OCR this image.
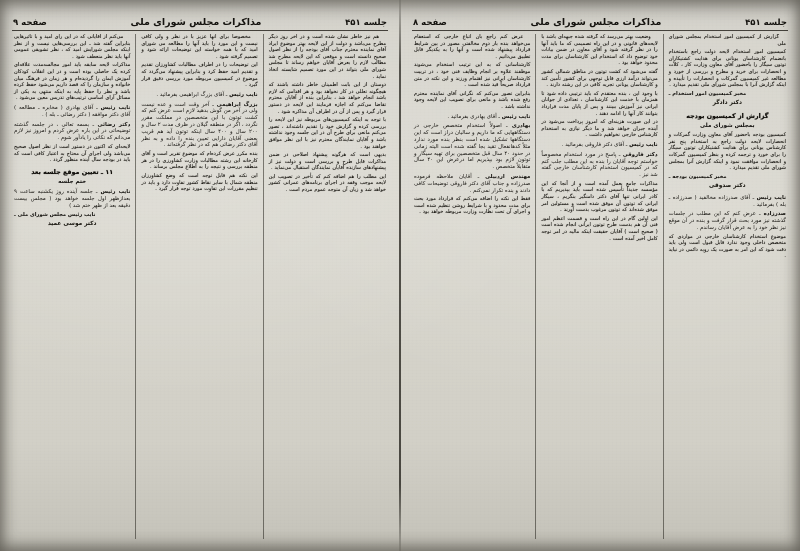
جلسه ۴۵۱
مذاکرات مجلس شورای ملی
صفحه ۹

هم نیز خاطر نشان شده است و در آخر روز دیگر مطرح می‌باشد و دولت از این لایحه بهتر موضوع ایراد آقای نماینده محترم جناب آقای بودجه را از نظر اصول صحیح دانسته است و موقعی که این لایحه مطرح شد مطالب لازم را بعرض آقایان خواهم رساند تا مجلس شورای ملی بتواند در این مورد تصمیم شایسته اتخاذ نماید .

دوستان از این بابت اطمینان خاطر داشته باشند که هیچگونه تعللی در کار نخواهد بود و هر اقدامی که لازم باشد انجام خواهد شد ، بنابراین بنده از آقایان محترم تقاضا می‌کنم که اجازه فرمایند این لایحه در دستور قرار گیرد و پس از آن در اطراف آن مذاکره شود .

با توجه به اینکه کمیسیون‌های مربوطه نیز این لایحه را بررسی کرده و گزارش خود را تقدیم داشته‌اند ، تصور می‌کنم مانعی برای طرح آن در این جلسه وجود نداشته باشد و آقایان نمایندگان محترم نیز با این نظر موافق خواهند بود .

بدیهی است که هرگونه پیشنهاد اصلاحی در ضمن مذاکرات قابل طرح و بررسی است و دولت نیز از پیشنهادهای سازنده آقایان نمایندگان استقبال می‌نماید .

این مطلب را هم اضافه کنم که تأخیر در تصویب این لایحه موجب وقفه در اجرای برنامه‌های عمرانی کشور خواهد شد و زیان آن متوجه عموم مردم است .

مخصوصاً برای آنها عزیز با در نظر و ولی کافی نیست و این مورد را باید آنها را مطالعه می شورای امید که با همه خواسته این توضیحات ارائه شود و تصمیم گرفته شود .

این توضیحات را در اطراف مطالبات کشاورزان تقدیم و تقدیم امید حفظ کرد و بنابراین پیشنهاد می‌گردد که موضوع در کمیسیون مربوطه مورد بررسی دقیق قرار گیرد .

نایب رئیس ـ آقای بزرگ ابراهیمی بفرمائید .

بزرگ ابراهیمی ـ آخر وقت است و عده نیست ولی در آخر من گوش بدهید لازم است عرض کنم که کشت توتون با این متخصصین در مملکت مقرر نگردد ، اگر در منطقه گیلان در ظرف مدت ۲ سال و ۲۰۰ سال و ۴۰۰ سال اینکه توتون آید هم قریب بعضی آقایان دارایی تعیین بنده را داده و به نظر آقای دکتر رضائی هم که در نظر گرفته‌اند .

بنده مکرر عرض کرده‌ام که موضوع تقریر است و آقای کارخانه این رشته مطالبات وزارت کشاورزی را در هر منطقه بررسی و نتیجه را به اطلاع مجلس برساند .

این نکته هم قابل توجه است که وضع کشاورزان منطقه شمال با سایر نقاط کشور تفاوت دارد و باید در تنظیم مقررات این تفاوت مورد توجه قرار گیرد .

می‌کنم از آقایانی که در این رأی امید و با تأثیرهایی بنابراین گفته شد ـ این بررسی‌هایی نیست و از نظر اینکه مجلس شورایش امید که ، نظر تشویقی عمومی آنها باید نظر منعطف شود .

مذاکرات لایحه سابقه باید امور مجالسه‌مدت علاقه‌ای کرده یک حاصلی بوده است و در این انقلاب کودکان آموزش ایمان را گردیده‌ام و هر زمان در فرهنگ میان خانواده و سازمان را که قصد داریم می‌شود حفظ کرده باشد و نظر را حفظ پایه به اینکه منتهی به یکی از مسائل آرای اساسی ترتیب‌های تدریس معین می‌شود .

نایب رئیس ـ آقای بهادری ( مخابره ـ مطالعه ) آقای دکتر موافقه ( دکتر رضائی ـ بله ) .

دکتر رضائی ـ بسمه تعالی ، در جلسه گذشته توضیحاتی در این باره عرض کردم و امروز نیز لازم می‌دانم که نکاتی را یادآور شوم .

لایحه‌ای که اکنون در دستور است از نظر اصول صحیح می‌باشد ولی اجرای آن محتاج به اعتبار کافی است که باید در بودجه سال آینده منظور گردد .

۱۱ ـ تعیین موقع جلسه بعد
ختم جلسه

نایب رئیس ـ جلسه آینده روز یکشنبه ساعت ۹ بعدازظهر اول جلسه خواهد بود ( مجلس بیست دقیقه بعد از ظهر ختم شد )

نایب رئیس مجلس شورای ملی ـ
دکتر موسی عمید
جلسه ۴۵۱
مذاکرات مجلس شورای ملی
صفحه ۸

گزارش از کمیسیون امور استخدام بمجلس شورای ملی

کمیسیون امور استخدام لایحه دولت راجع باستخدام بانضمام کارشناسان یونانی برای هدایت کشتیکاران توتون سیگار را باحضور آقای معاون وزارت کار ، کلاًت و انحصارات برای خرید و مطرح و بررسی از خورد و مطالعه غیر کمیسیون گمرکات و انحصارات را تأییده و اینکه گزارش آنرا با بمجلس شورای ملی تقدیم میدارد .

مخبر کمیسیون امور استخدام ـ
دکتر دادگر
گزارش از کمیسیون بودجه
بمجلس شورای ملی

کمیسیون بودجه باحضور آقای معاون وزارت گمرکات و انحصارات لایحه دولت راجع به استخدام پنج نفر کارشناس یونانی برای هدایت کشتیکاران توتون سیگار را برای خورد و ترجمه کرده و بنظر کمیسیون گمرکات و انحصارات موافقت نمود و اینکه گزارش آنرا بمجلس شورای ملی تقدیم میدارد .

مخبر کمیسیون بودجه ـ
دکتر صدوقی

نایب رئیس ـ آقای صدرزاده مخالفید ( صدرزاده ـ بله ) بفرمائید .

صدرزاده ـ عرض کنم که این مطلب در جلسات گذشته نیز مورد بحث قرار گرفت و بنده در آن موقع نیز نظر خود را به عرض آقایان رساندم .

موضوع استخدام کارشناسان خارجی در مواردی که متخصص داخلی وجود ندارد قابل قبول است ولی باید دقت شود که این امر به صورت یک رویه دائمی در نیاید .

وضعیت بهتر می‌رسد که گرفته شده جبهه‌ای باشد با لایحه‌های قانونی و در این راه تصمیمی که ما باید آنها را در نظر گرفته شود و آقای معاون در ضمن بیانات خود توضیح داد که استخدام این کارشناسان برای مدت محدود خواهد بود .

گفته می‌شود که کشت توتون در مناطق شمالی کشور می‌تواند درآمد ارزی قابل توجهی برای کشور تأمین کند و کارشناسان یونانی تجربه کافی در این رشته دارند .

با وجود این ، بنده معتقدم که باید ترتیبی داده شود تا همزمان با خدمت این کارشناسان ، تعدادی از جوانان ایرانی نیز آموزش ببینند و پس از پایان مدت قرارداد بتوانند کار آنها را ادامه دهند .

در این صورت هزینه‌ای که امروز پرداخت می‌شود در آینده جبران خواهد شد و ما دیگر نیازی به استخدام کارشناس خارجی نخواهیم داشت .

نایب رئیس ـ آقای دکتر فاروقی بفرمائید .

دکتر فاروقی ـ پاسخ در مورد استخدام مخصوصاً خواستم توجه آقایان را بنده به این مطلب جلب کنم که در کمیسیون استخدام کارشناسان خارجی گفته شد نیز .

مذاکرات جامع بعمل آمده است و از آنجا که این مؤسسه جدیداً تأسیس شده است باید بپذیریم که با کادر ایرانی تنها آقای دکتر دامنگیر بنگریم ، سیگار ایرانی که توتون آن موفق شده است و مسئولین امر موفق شده‌اند که توتون مرغوب بدست آورند .

این اولین گام در این راه است و قسمت اعظم امور فنی آن هم بدست طرح توتون ایرانی انجام شده است ( صحیح است ) آقایان حقیقت اینکه مالیه در امر توجه کامل اخیر آمده است .

عرض کنم راجع بان اتباع خارجی که استعفام می‌خواهد بنده بار دوم مخالفتی مصور در بین شرایط قرارداد پیشنهاد شده است و آنها را به یکدیگر قابل تطبیق می‌دانیم .

کارشناسانی که به این ترتیب استخدام می‌شوند موظفند علاوه بر انجام وظایف فنی خود ، در تربیت کارشناسان ایرانی نیز اهتمام ورزند و این نکته در متن قرارداد صریحاً قید شده است .

بنابراین تصور می‌کنم که نگرانی آقای نماینده محترم رفع شده باشد و مانعی برای تصویب این لایحه وجود نداشته باشد .

نایب رئیس ـ آقای بهادری بفرمائید .

بهادری ـ اصولاً استخدام متخصص خارجی در دستگاههایی که ما داریم و سالیان دراز است که این دستگاهها تشکیل شده است بنظر بنده مورد ندارد مثلاً کدهانفعال تقید بجا گفته شده است الیته زمانی در حدود ۴۰ سال قبل متخصصین برای تهیه سیگار و توتون لازم بود بپذیریم اما درعرض این ۴۰ سال متقابلاً متخصص .

مهندس اردبیلی ـ آقایان ملاحظه فرموده صدرزاده و جناب آقای دکتر فاروقی توضیحات کافی دادند و بنده تکرار نمی‌کنم .

فقط این نکته را اضافه می‌کنم که قرارداد مورد بحث برای مدت محدود و با شرایط روشن تنظیم شده است و اجرای آن تحت نظارت وزارت مربوطه خواهد بود .
